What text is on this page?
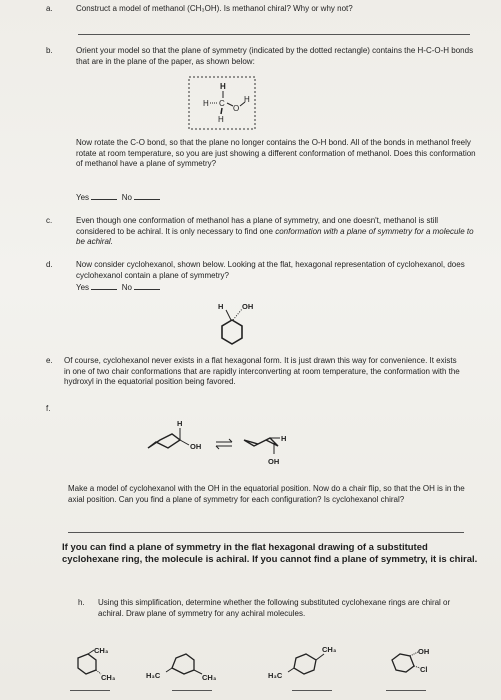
a.	Construct a model of methanol (CH₃OH). Is methanol chiral? Why or why not?

b.	Orient your model so that the plane of symmetry (indicated by the dotted rectangle) contains the H-C-O-H bonds that are in the plane of the paper, as shown below:

H
H C
O
H
H

Now rotate the C-O bond, so that the plane no longer contains the O-H bond. All of the bonds in methanol freely rotate at room temperature, so you are just showing a different conformation of methanol. Does this conformation of methanol have a plane of symmetry?

Yes	No
c.	Even though one conformation of methanol has a plane of symmetry, and one doesn't, methanol is still considered to be achiral. It is only necessary to find one conformation with a plane of symmetry for a molecule to be achiral.

d.	Now consider cyclohexanol, shown below. Looking at the flat, hexagonal representation of cyclohexanol, does cyclohexanol contain a plane of symmetry?

Yes	No
H OH
e. Of course, cyclohexanol never exists in a flat hexagonal form. It is just drawn this way for convenience. It exists in one of two chair conformations that are rapidly interconverting at room temperature, the conformation with the hydroxyl in the equatorial position being favored.

f.
H
OH
H
OH

Make a model of cyclohexanol with the OH in the equatorial position. Now do a chair flip, so that the OH is in the axial position. Can you find a plane of symmetry for each configuration? Is cyclohexanol chiral?

If you can find a plane of symmetry in the flat hexagonal drawing of a substituted cyclohexane ring, the molecule is achiral. If you cannot find a plane of symmetry, it is chiral.

h. Using this simplification, determine whether the following substituted cyclohexane rings are chiral or achiral. Draw plane of symmetry for any achiral molecules.

CH₃
CH₃	H₃C	CH₃	H₃C
CH₃	OH
Cl
